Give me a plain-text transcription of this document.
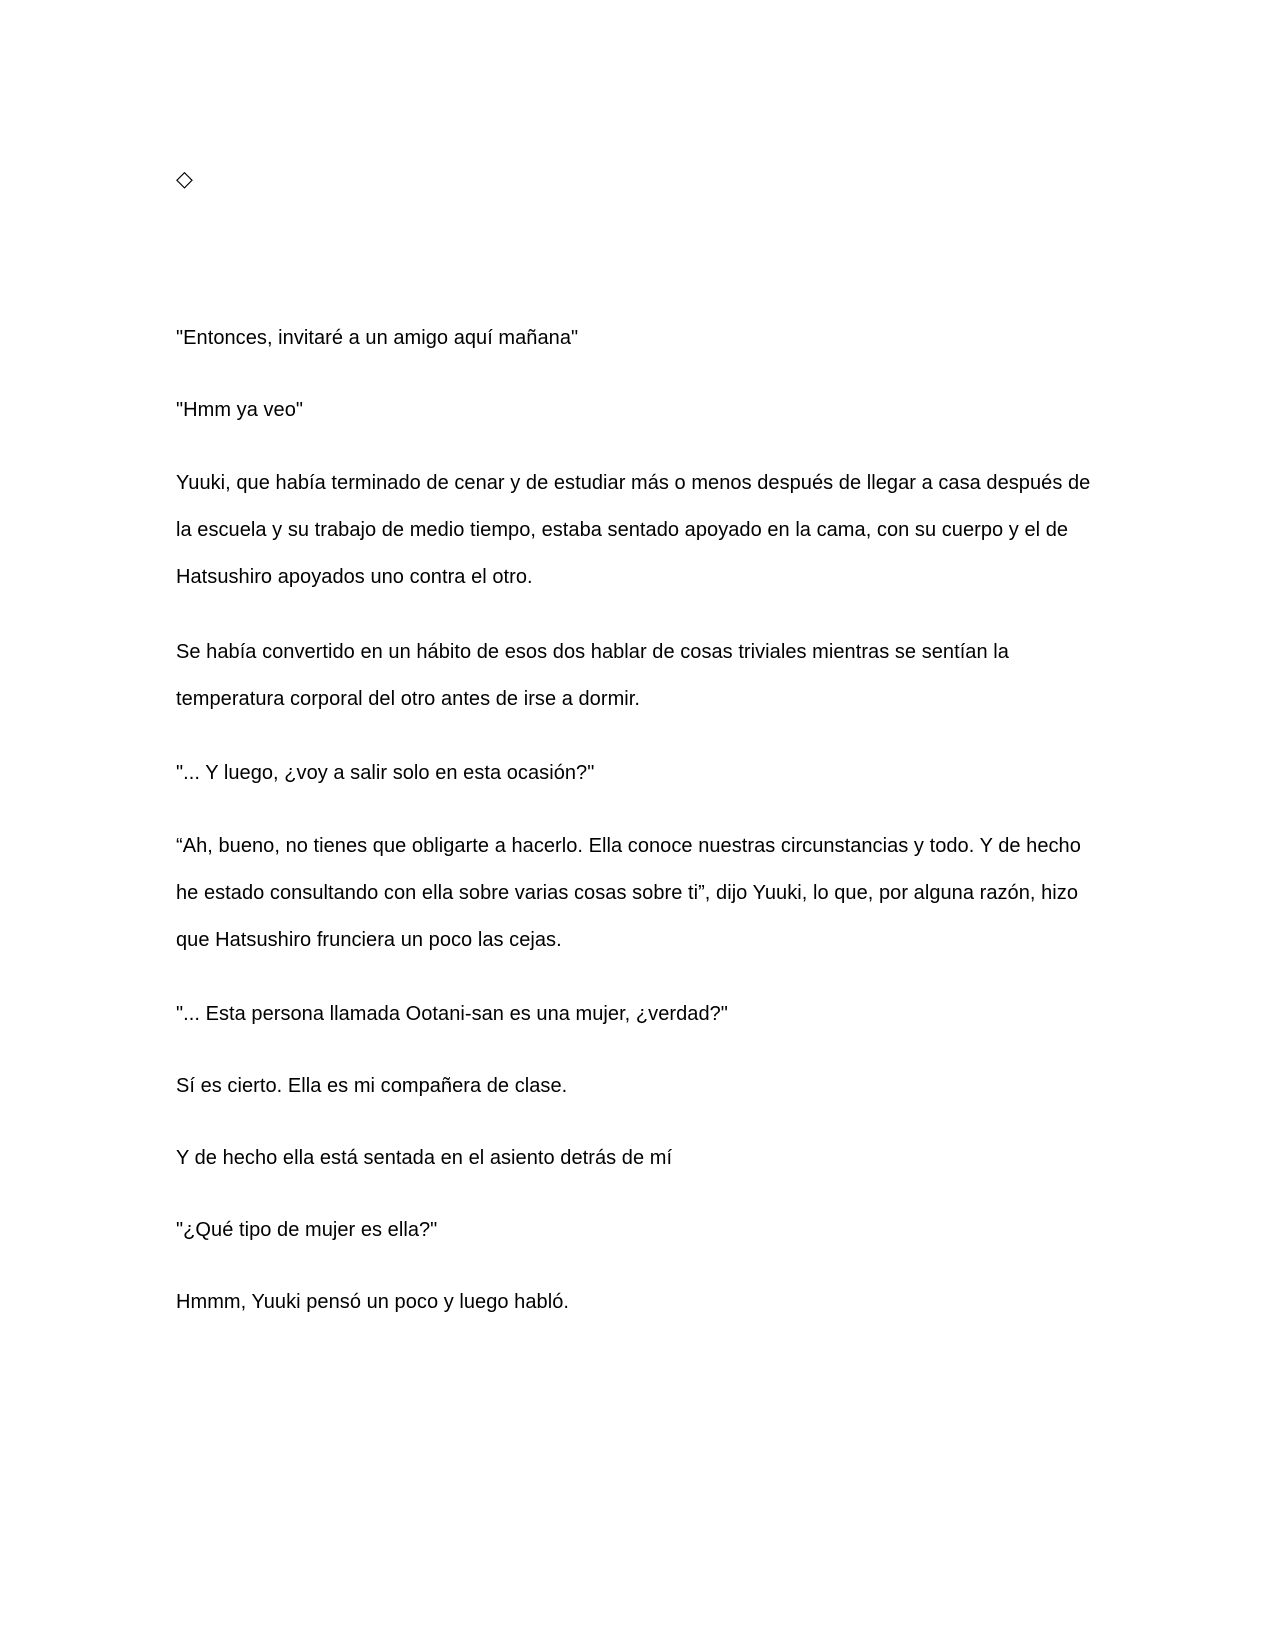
◇

"Entonces, invitaré a un amigo aquí mañana"

"Hmm ya veo"

Yuuki, que había terminado de cenar y de estudiar más o menos después de llegar a casa después de la escuela y su trabajo de medio tiempo, estaba sentado apoyado en la cama, con su cuerpo y el de Hatsushiro apoyados uno contra el otro.

Se había convertido en un hábito de esos dos hablar de cosas triviales mientras se sentían la temperatura corporal del otro antes de irse a dormir.

"... Y luego, ¿voy a salir solo en esta ocasión?"

“Ah, bueno, no tienes que obligarte a hacerlo. Ella conoce nuestras circunstancias y todo. Y de hecho he estado consultando con ella sobre varias cosas sobre ti”, dijo Yuuki, lo que, por alguna razón, hizo que Hatsushiro frunciera un poco las cejas.

"... Esta persona llamada Ootani-san es una mujer, ¿verdad?"

Sí es cierto. Ella es mi compañera de clase.

Y de hecho ella está sentada en el asiento detrás de mí

"¿Qué tipo de mujer es ella?"

Hmmm, Yuuki pensó un poco y luego habló.
